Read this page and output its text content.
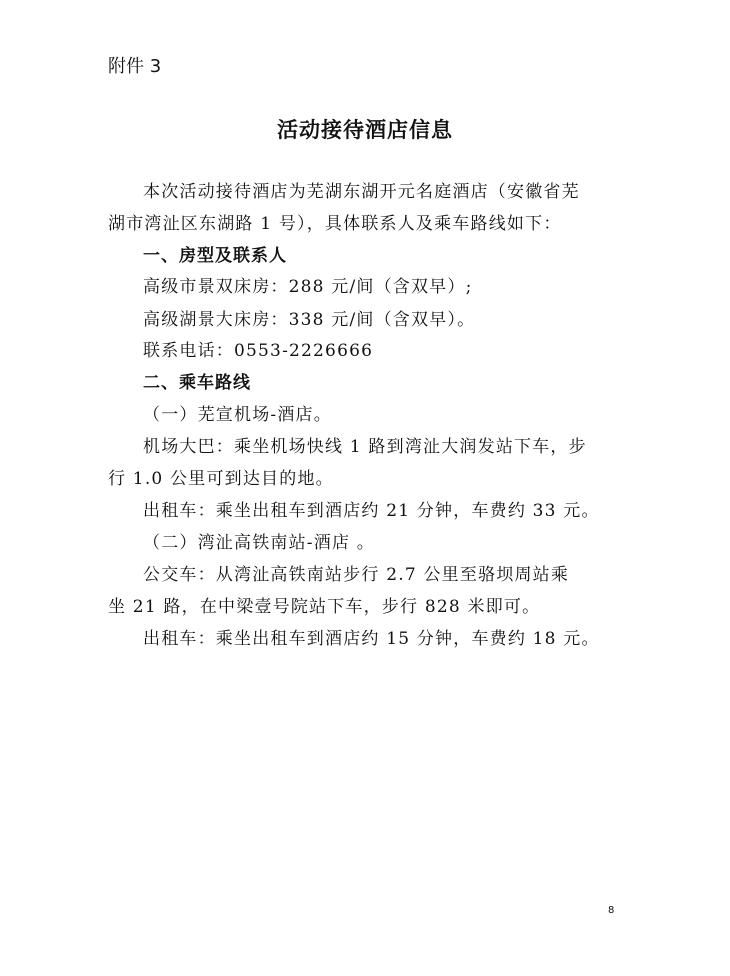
附件 3
活动接待酒店信息
本次活动接待酒店为芜湖东湖开元名庭酒店（安徽省芜
湖市湾沚区东湖路 1 号），具体联系人及乘车路线如下：
一、房型及联系人
高级市景双床房：288 元/间（含双早）;
高级湖景大床房：338 元/间（含双早）。
联系电话：0553-2226666
二、乘车路线
（一）芜宣机场-酒店。
机场大巴：乘坐机场快线 1 路到湾沚大润发站下车，步
行 1.0 公里可到达目的地。
出租车：乘坐出租车到酒店约 21 分钟，车费约 33 元。
（二）湾沚高铁南站-酒店 。
公交车：从湾沚高铁南站步行 2.7 公里至骆坝周站乘
坐 21 路，在中梁壹号院站下车，步行 828 米即可。
出租车：乘坐出租车到酒店约 15 分钟，车费约 18 元。
8
